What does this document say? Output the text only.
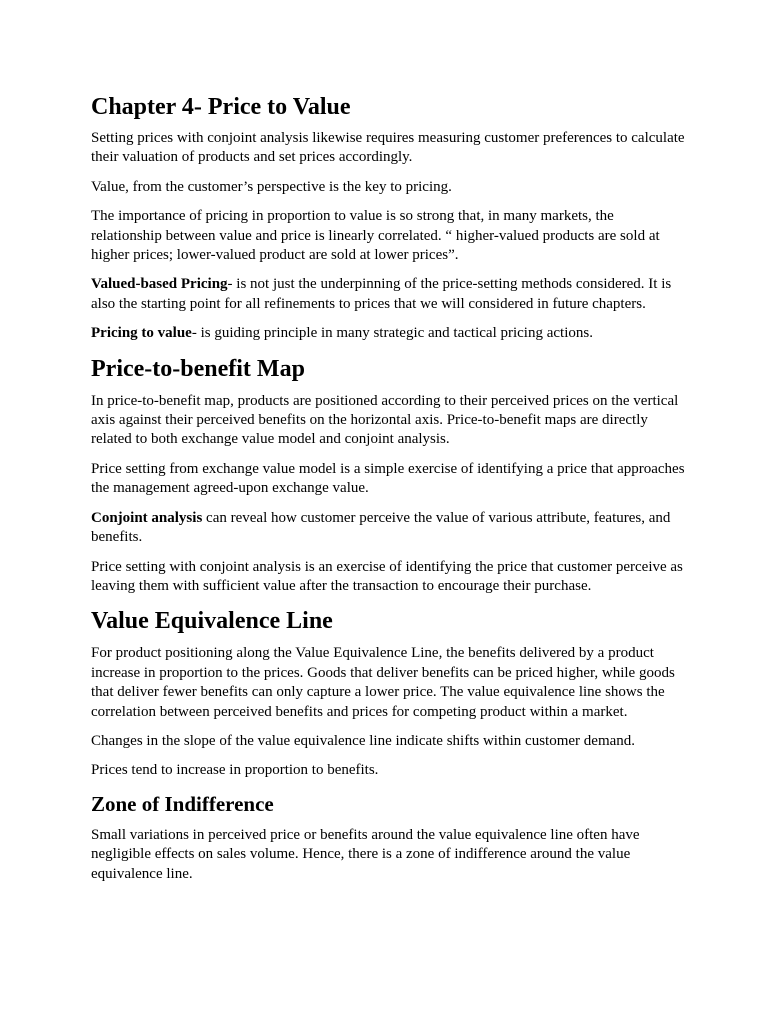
Chapter 4- Price to Value

Setting prices with conjoint analysis likewise requires measuring customer preferences to calculate their valuation of products and set prices accordingly.

Value, from the customer’s perspective is the key to pricing.

The importance of pricing in proportion to value is so strong that, in many markets, the relationship between value and price is linearly correlated. “ higher-valued products are sold at higher prices; lower-valued product are sold at lower prices”.

Valued-based Pricing- is not just the underpinning of the price-setting methods considered. It is also the starting point for all refinements to prices that we will considered in future chapters.

Pricing to value- is guiding principle in many strategic and tactical pricing actions.

Price-to-benefit Map

In price-to-benefit map, products are positioned according to their perceived prices on the vertical axis against their perceived benefits on the horizontal axis. Price-to-benefit maps are directly related to both exchange value model and conjoint analysis.

Price setting from exchange value model is a simple exercise of identifying a price that approaches the management agreed-upon exchange value.

Conjoint analysis can reveal how customer perceive the value of various attribute, features, and benefits.

Price setting with conjoint analysis is an exercise of identifying the price that customer perceive as leaving them with sufficient value after the transaction to encourage their purchase.

Value Equivalence Line

For product positioning along the Value Equivalence Line, the benefits delivered by a product increase in proportion to the prices. Goods that deliver benefits can be priced higher, while goods that deliver fewer benefits can only capture a lower price. The value equivalence line shows the correlation between perceived benefits and prices for competing product within a market.

Changes in the slope of the value equivalence line indicate shifts within customer demand.

Prices tend to increase in proportion to benefits.

Zone of Indifference

Small variations in perceived price or benefits around the value equivalence line often have negligible effects on sales volume. Hence, there is a zone of indifference around the value equivalence line.
